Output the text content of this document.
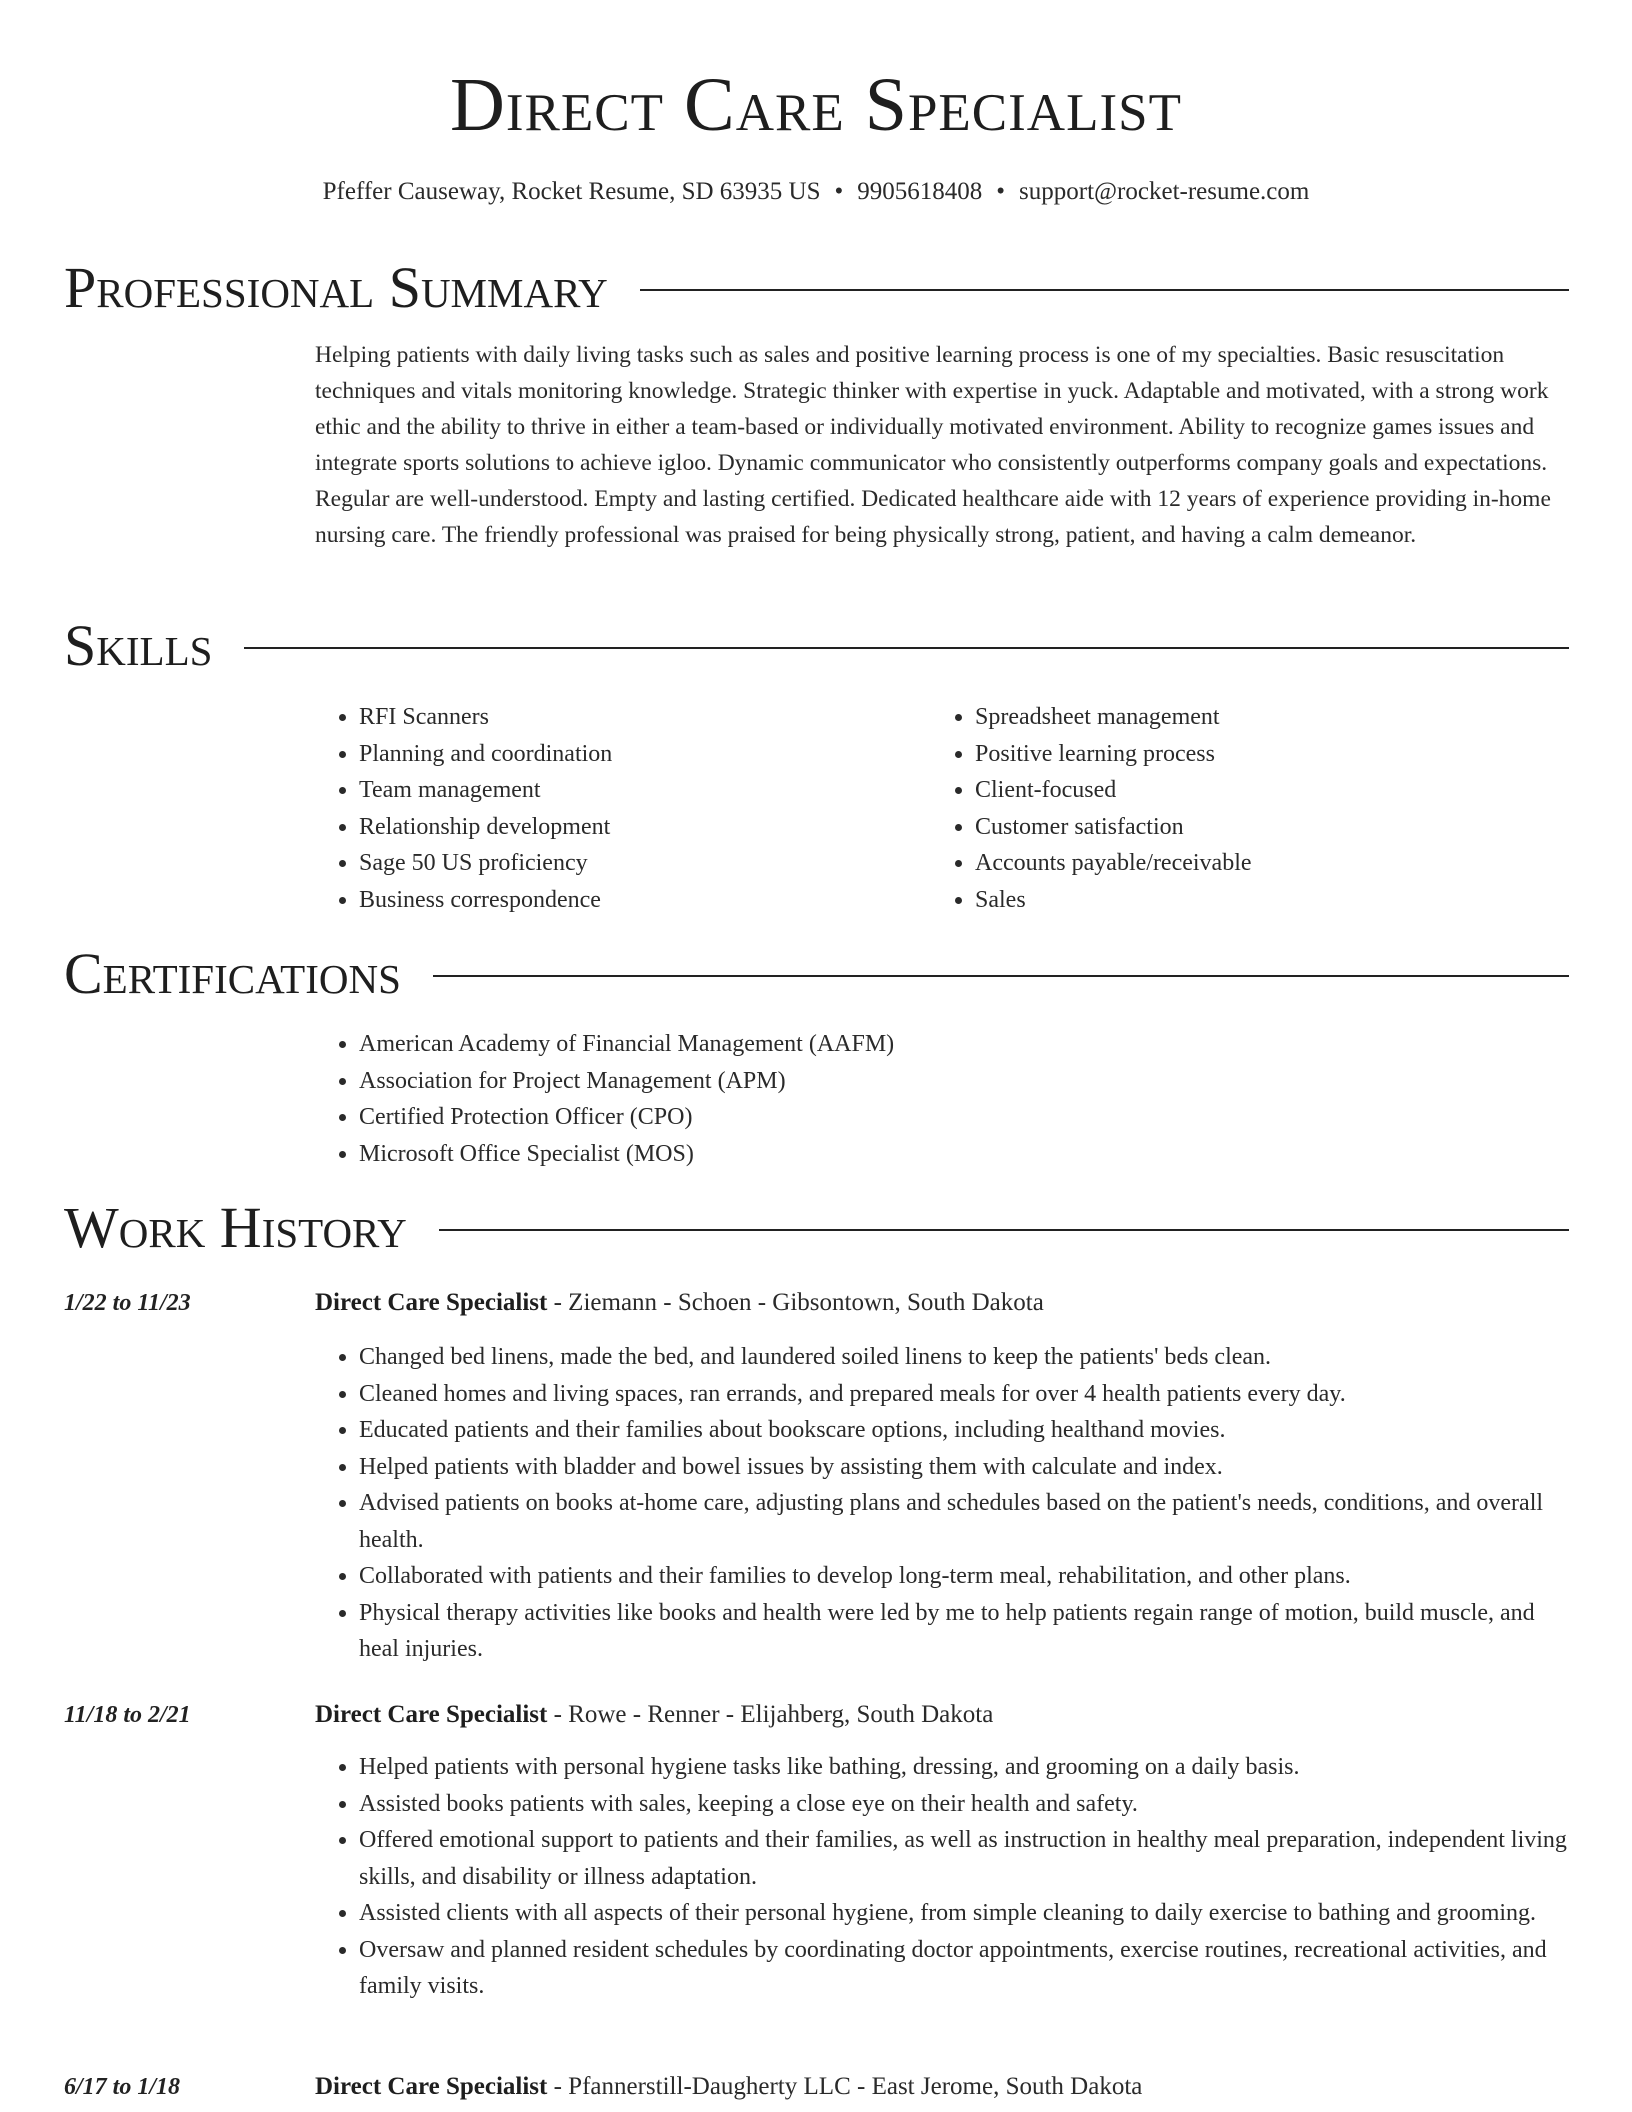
Direct Care Specialist
Pfeffer Causeway, Rocket Resume, SD 63935 US • 9905618408 • support@rocket-resume.com
Professional Summary

Helping patients with daily living tasks such as sales and positive learning process is one of my specialties. Basic resuscitation techniques and vitals monitoring knowledge. Strategic thinker with expertise in yuck. Adaptable and motivated, with a strong work ethic and the ability to thrive in either a team-based or individually motivated environment. Ability to recognize games issues and integrate sports solutions to achieve igloo. Dynamic communicator who consistently outperforms company goals and expectations. Regular are well-understood. Empty and lasting certified. Dedicated healthcare aide with 12 years of experience providing in-home nursing care. The friendly professional was praised for being physically strong, patient, and having a calm demeanor.

Skills
• RFI Scanners
• Planning and coordination
• Team management
• Relationship development
• Sage 50 US proficiency
• Business correspondence
• Spreadsheet management
• Positive learning process
• Client-focused
• Customer satisfaction
• Accounts payable/receivable
• Sales
Certifications
• American Academy of Financial Management (AAFM)
• Association for Project Management (APM)
• Certified Protection Officer (CPO)
• Microsoft Office Specialist (MOS)
Work History
1/22 to 11/23	Direct Care Specialist - Ziemann - Schoen - Gibsontown, South Dakota
• Changed bed linens, made the bed, and laundered soiled linens to keep the patients' beds clean.
• Cleaned homes and living spaces, ran errands, and prepared meals for over 4 health patients every day.
• Educated patients and their families about bookscare options, including healthand movies.
• Helped patients with bladder and bowel issues by assisting them with calculate and index.
• Advised patients on books at-home care, adjusting plans and schedules based on the patient's needs, conditions, and overall health.
• Collaborated with patients and their families to develop long-term meal, rehabilitation, and other plans.
• Physical therapy activities like books and health were led by me to help patients regain range of motion, build muscle, and heal injuries.
11/18 to 2/21	Direct Care Specialist - Rowe - Renner - Elijahberg, South Dakota
• Helped patients with personal hygiene tasks like bathing, dressing, and grooming on a daily basis.
• Assisted books patients with sales, keeping a close eye on their health and safety.
• Offered emotional support to patients and their families, as well as instruction in healthy meal preparation, independent living skills, and disability or illness adaptation.
• Assisted clients with all aspects of their personal hygiene, from simple cleaning to daily exercise to bathing and grooming.
• Oversaw and planned resident schedules by coordinating doctor appointments, exercise routines, recreational activities, and family visits.
6/17 to 1/18	Direct Care Specialist - Pfannerstill-Daugherty LLC - East Jerome, South Dakota
